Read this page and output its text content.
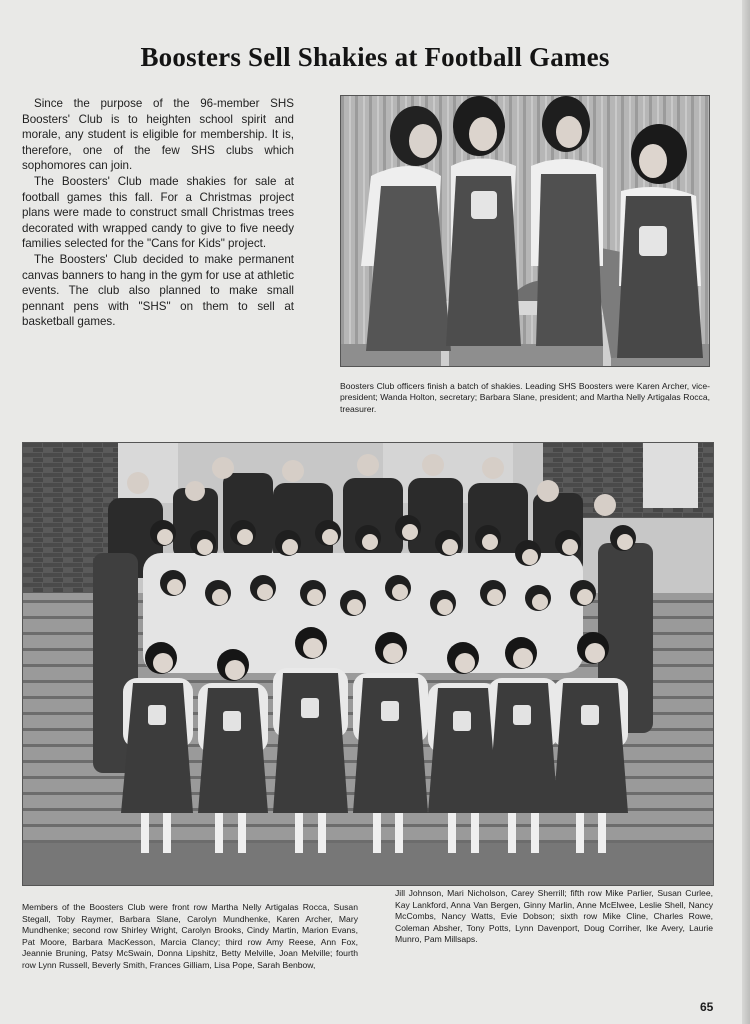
Boosters Sell Shakies at Football Games

Since the purpose of the 96-member SHS Boosters' Club is to heighten school spirit and morale, any student is eligible for membership. It is, therefore, one of the few SHS clubs which sophomores can join.

The Boosters' Club made shakies for sale at football games this fall. For a Christmas project plans were made to construct small Christmas trees decorated with wrapped candy to give to five needy families selected for the "Cans for Kids" project.

The Boosters' Club decided to make permanent canvas banners to hang in the gym for use at athletic events. The club also planned to make small pennant pens with "SHS" on them to sell at basketball games.

Boosters Club officers finish a batch of shakies. Leading SHS Boosters were Karen Archer, vice-president; Wanda Holton, secretary; Barbara Slane, president; and Martha Nelly Artigalas Rocca, treasurer.
Members of the Boosters Club were front row Martha Nelly Artigalas Rocca, Susan Stegall, Toby Raymer, Barbara Slane, Carolyn Mundhenke, Karen Archer, Mary Mundhenke; second row Shirley Wright, Carolyn Brooks, Cindy Martin, Marion Evans, Pat Moore, Barbara MacKesson, Marcia Clancy; third row Amy Reese, Ann Fox, Jeannie Bruning, Patsy McSwain, Donna Lipshitz, Betty Melville, Joan Melville; fourth row Lynn Russell, Beverly Smith, Frances Gilliam, Lisa Pope, Sarah Benbow,
Jill Johnson, Mari Nicholson, Carey Sherrill; fifth row Mike Parlier, Susan Curlee, Kay Lankford, Anna Van Bergen, Ginny Marlin, Anne McElwee, Leslie Shell, Nancy McCombs, Nancy Watts, Evie Dobson; sixth row Mike Cline, Charles Rowe, Coleman Absher, Tony Potts, Lynn Davenport, Doug Corriher, Ike Avery, Laurie Munro, Pam Millsaps.
65
